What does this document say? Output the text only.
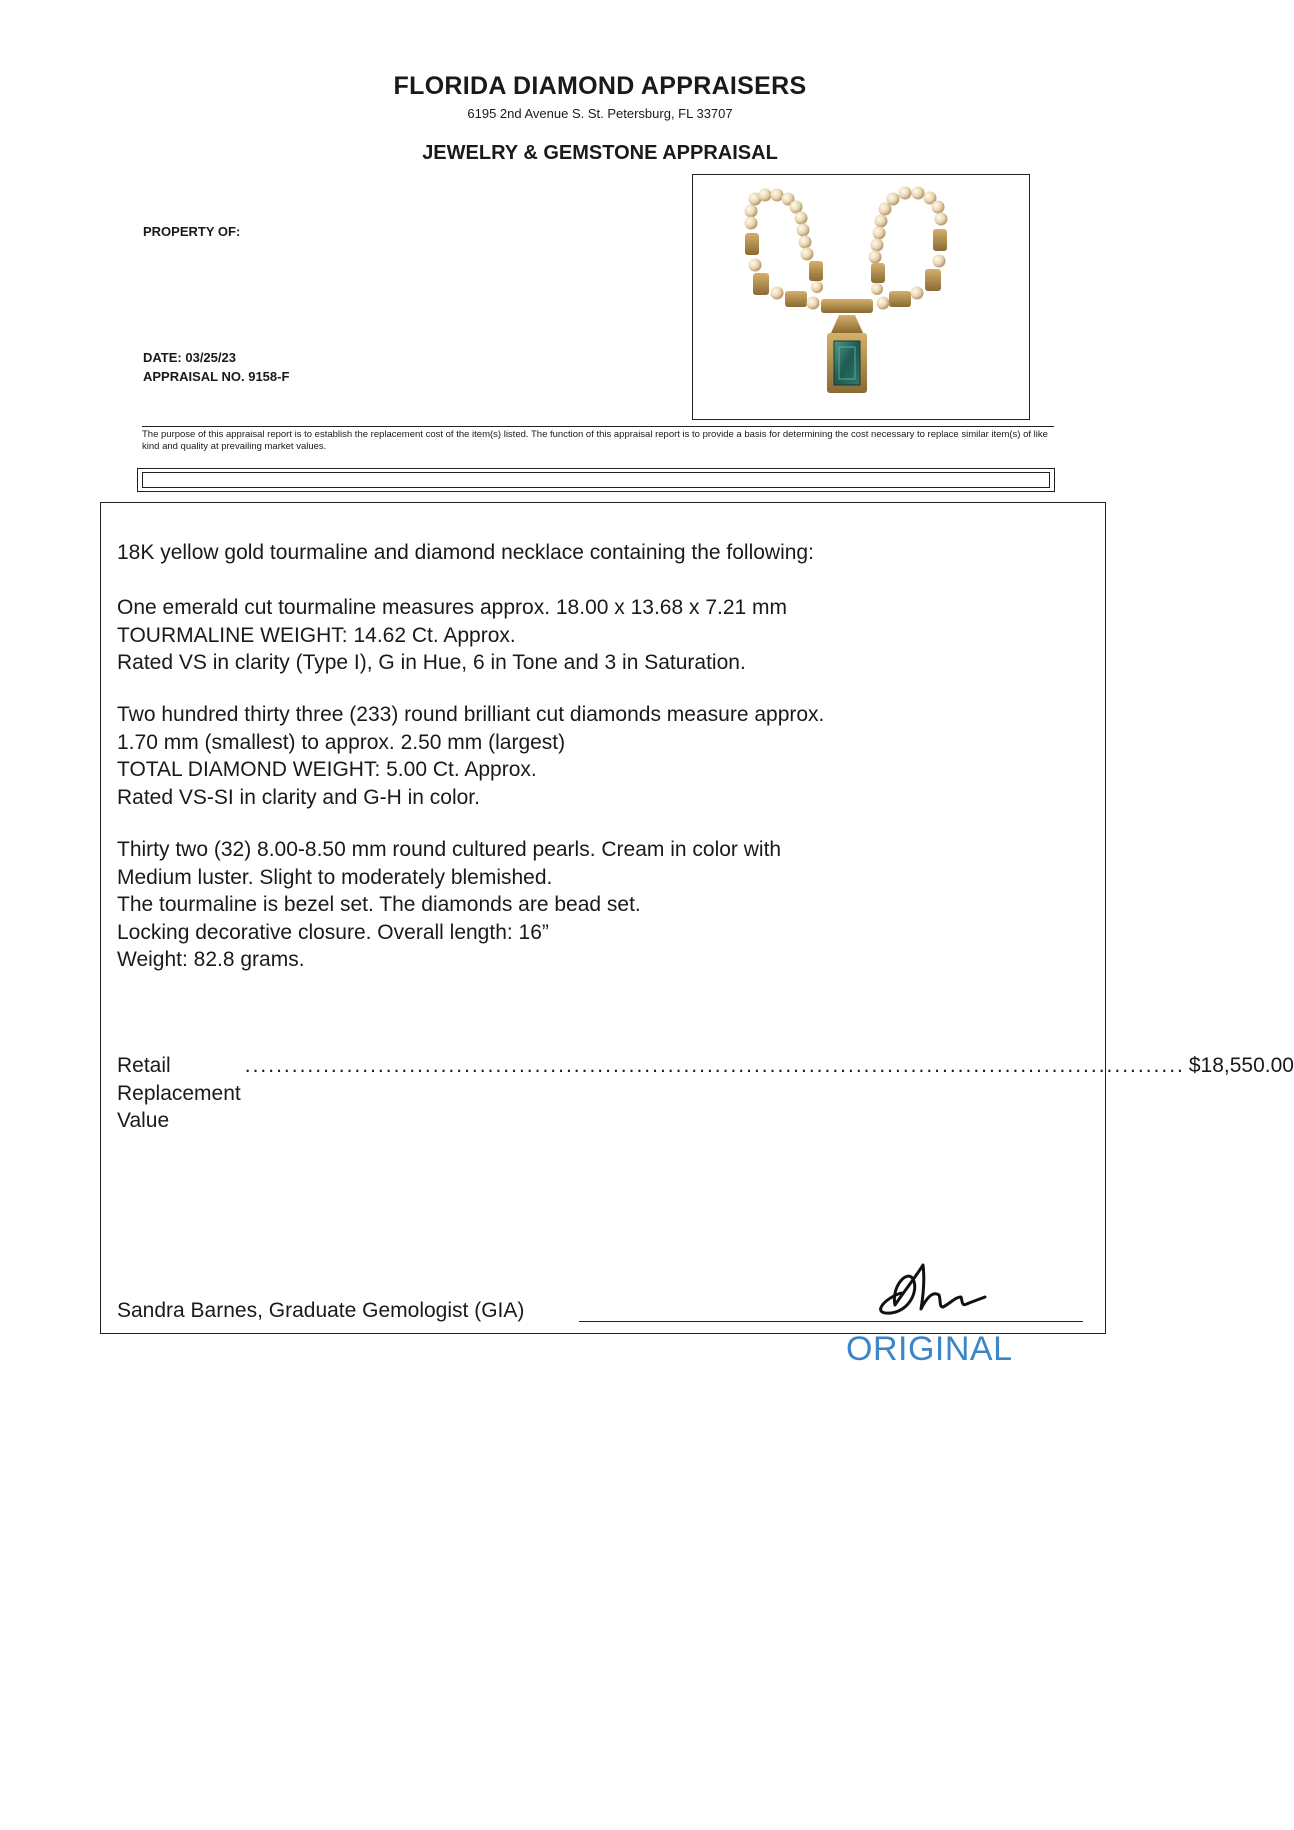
FLORIDA DIAMOND APPRAISERS
6195 2nd Avenue S. St. Petersburg, FL 33707
JEWELRY & GEMSTONE APPRAISAL
PROPERTY OF:
DATE: 03/25/23
APPRAISAL NO. 9158-F
The purpose of this appraisal report is to establish the replacement cost of the item(s) listed. The function of this appraisal report is to provide a basis for determining the cost necessary to replace similar item(s) of like kind and quality at prevailing market values.
18K yellow gold tourmaline and diamond necklace containing the following:
One emerald cut tourmaline measures approx. 18.00 x 13.68 x 7.21 mm
TOURMALINE WEIGHT: 14.62 Ct. Approx.
Rated VS in clarity (Type I), G in Hue, 6 in Tone and 3 in Saturation.
Two hundred thirty three (233) round brilliant cut diamonds measure approx.
1.70 mm (smallest) to approx. 2.50 mm (largest)
TOTAL DIAMOND WEIGHT: 5.00 Ct. Approx.
Rated VS-SI in clarity and G-H in color.
Thirty two (32) 8.00-8.50 mm round cultured pearls. Cream in color with
Medium luster. Slight to moderately blemished.
The tourmaline is bezel set. The diamonds are bead set.
Locking decorative closure. Overall length: 16”
Weight: 82.8 grams.
Retail Replacement Value
........................................................................................................................ $18,550.00
Sandra Barnes, Graduate Gemologist (GIA)
ORIGINAL
